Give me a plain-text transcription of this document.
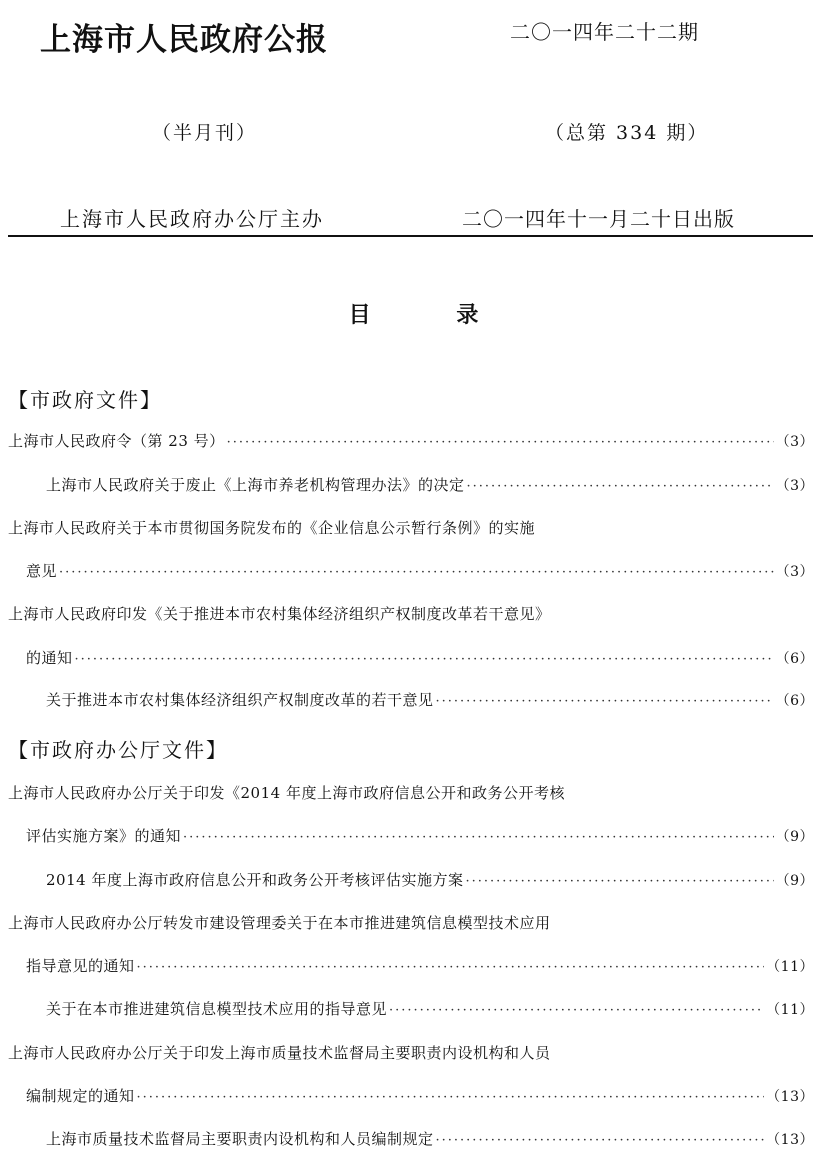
上海市人民政府公报	二〇一四年二十二期
（半月刊）	（总第 334 期）
上海市人民政府办公厅主办	二〇一四年十一月二十日出版
目 录
【市政府文件】
上海市人民政府令（第 23 号） ·····	（3）
上海市人民政府关于废止《上海市养老机构管理办法》的决定 ·····	（3）
上海市人民政府关于本市贯彻国务院发布的《企业信息公示暂行条例》的实施
意见 ·····	（3）
上海市人民政府印发《关于推进本市农村集体经济组织产权制度改革若干意见》
的通知 ·····	（6）
关于推进本市农村集体经济组织产权制度改革的若干意见 ·····	（6）
【市政府办公厅文件】
上海市人民政府办公厅关于印发《2014 年度上海市政府信息公开和政务公开考核
评估实施方案》的通知 ·····	（9）
2014 年度上海市政府信息公开和政务公开考核评估实施方案 ·····	（9）
上海市人民政府办公厅转发市建设管理委关于在本市推进建筑信息模型技术应用
指导意见的通知 ·····	（11）
关于在本市推进建筑信息模型技术应用的指导意见 ·····	（11）
上海市人民政府办公厅关于印发上海市质量技术监督局主要职责内设机构和人员
编制规定的通知 ·····	（13）
上海市质量技术监督局主要职责内设机构和人员编制规定 ·····	（13）
